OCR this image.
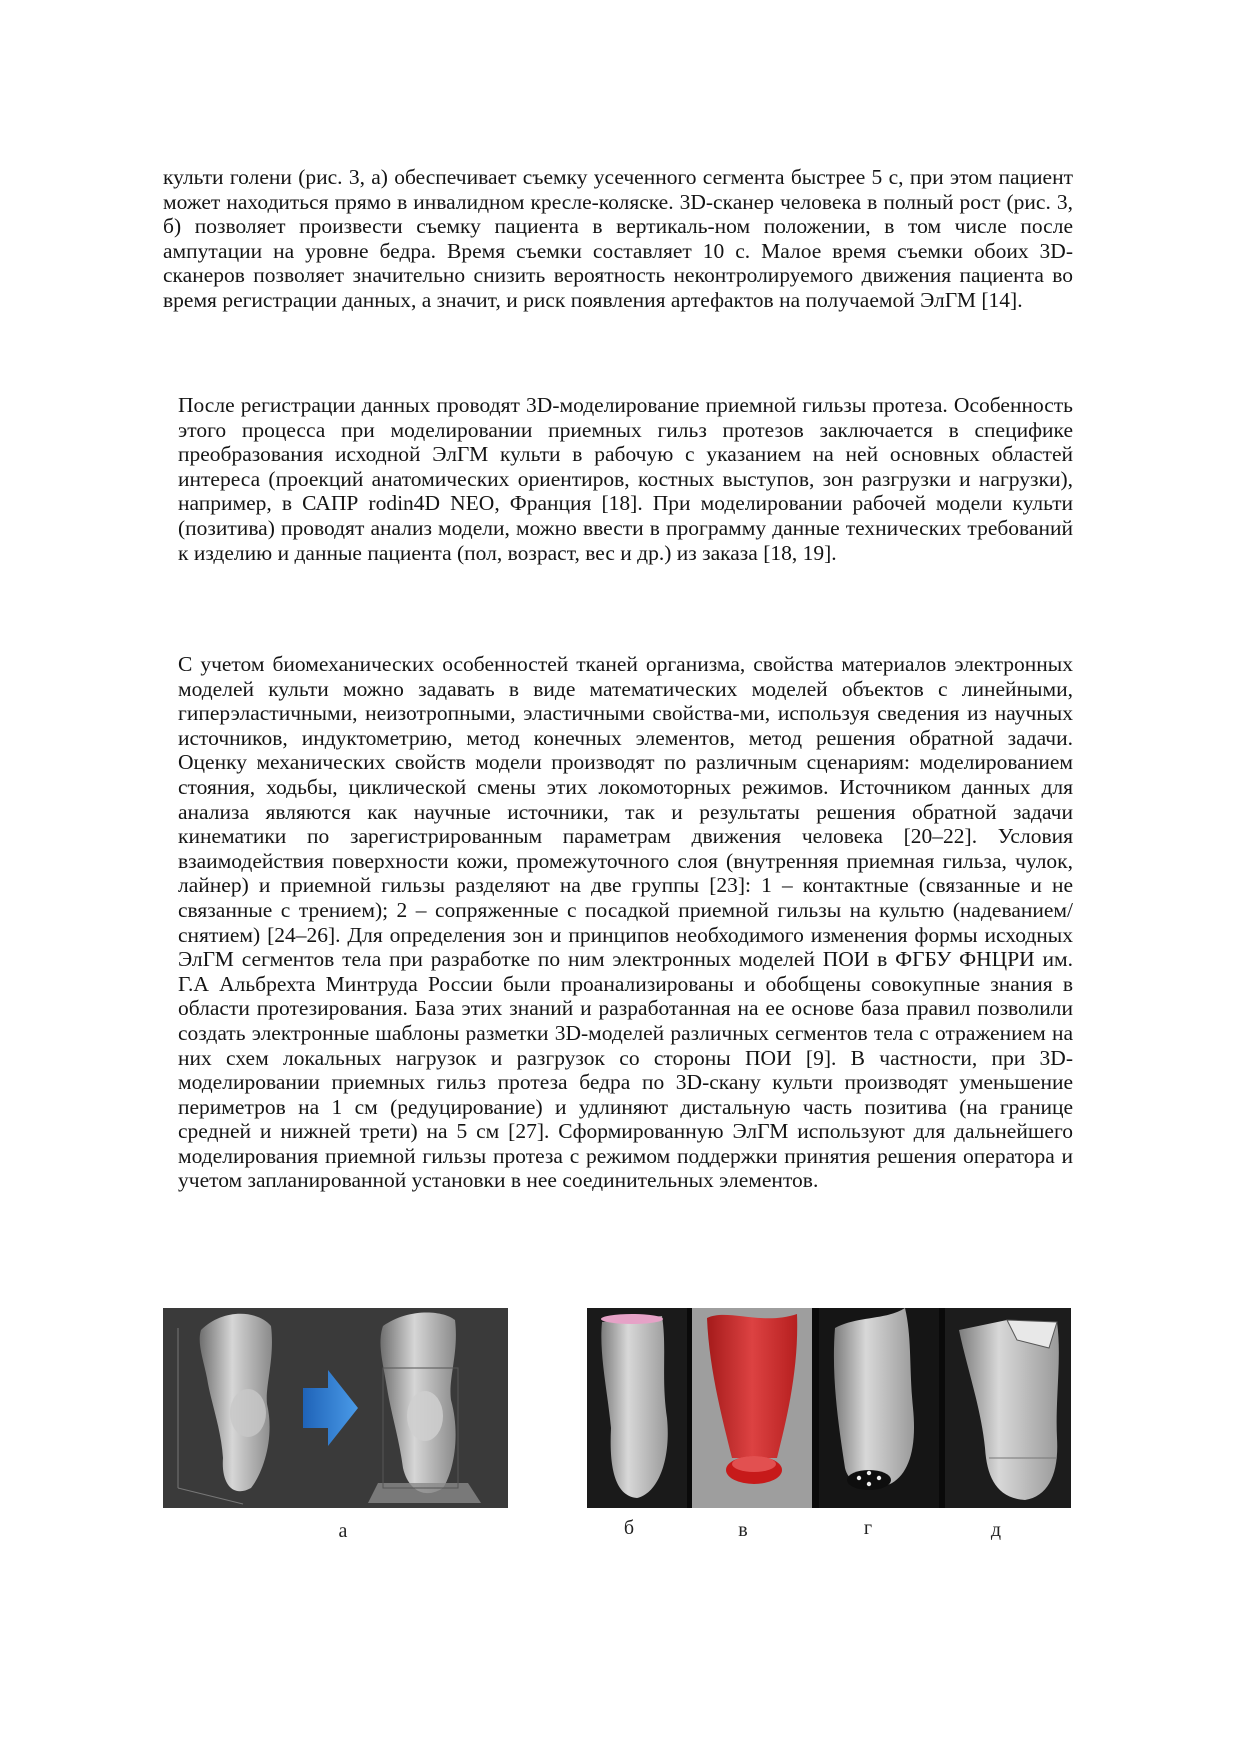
культи голени (рис. 3, а) обеспечивает съемку усеченного сегмента быстрее 5 с, при этом пациент может находиться прямо в инвалидном кресле-коляске. 3D-сканер человека в полный рост (рис. 3, б) позволяет произвести съемку пациента в вертикаль-ном положении, в том числе после ампутации на уровне бедра. Время съемки составляет 10 с. Малое время съемки обоих 3D-сканеров позволяет значительно снизить вероятность неконтролируемого движения пациента во время регистрации данных, а значит, и риск появления артефактов на получаемой ЭлГМ [14].

После регистрации данных проводят 3D-моделирование приемной гильзы протеза. Особенность этого процесса при моделировании приемных гильз протезов заключается в специфике преобразования исходной ЭлГМ культи в рабочую с указанием на ней основных областей интереса (проекций анатомических ориентиров, костных выступов, зон разгрузки и нагрузки), например, в САПР rodin4D NEO, Франция [18]. При моделировании рабочей модели культи (позитива) проводят анализ модели, можно ввести в программу данные технических требований к изделию и данные пациента (пол, возраст, вес и др.) из заказа [18, 19].

С учетом биомеханических особенностей тканей организма, свойства материалов электронных моделей культи можно задавать в виде математических моделей объектов с линейными, гиперэластичными, неизотропными, эластичными свойства-ми, используя сведения из научных источников, индуктометрию, метод конечных элементов, метод решения обратной задачи. Оценку механических свойств модели производят по различным сценариям: моделированием стояния, ходьбы, циклической смены этих локомоторных режимов. Источником данных для анализа являются как научные источники, так и результаты решения обратной задачи кинематики по зарегистрированным параметрам движения человека [20–22]. Условия взаимодействия поверхности кожи, промежуточного слоя (внутренняя приемная гильза, чулок, лайнер) и приемной гильзы разделяют на две группы [23]: 1 – контактные (связанные и не связанные с трением); 2 – сопряженные с посадкой приемной гильзы на культю (надеванием/снятием) [24–26]. Для определения зон и принципов необходимого изменения формы исходных ЭлГМ сегментов тела при разработке по ним электронных моделей ПОИ в ФГБУ ФНЦРИ им. Г.А Альбрехта Минтруда России были проанализированы и обобщены совокупные знания в области протезирования. База этих знаний и разработанная на ее основе база правил позволили создать электронные шаблоны разметки 3D-моделей различных сегментов тела с отражением на них схем локальных нагрузок и разгрузок со стороны ПОИ [9]. В частности, при 3D-моделировании приемных гильз протеза бедра по 3D-скану культи производят уменьшение периметров на 1 см (редуцирование) и удлиняют дистальную часть позитива (на границе средней и нижней трети) на 5 см [27]. Сформированную ЭлГМ используют для дальнейшего моделирования приемной гильзы протеза с режимом поддержки принятия решения оператора и учетом запланированной установки в нее соединительных элементов.

а	б	в	г	д
